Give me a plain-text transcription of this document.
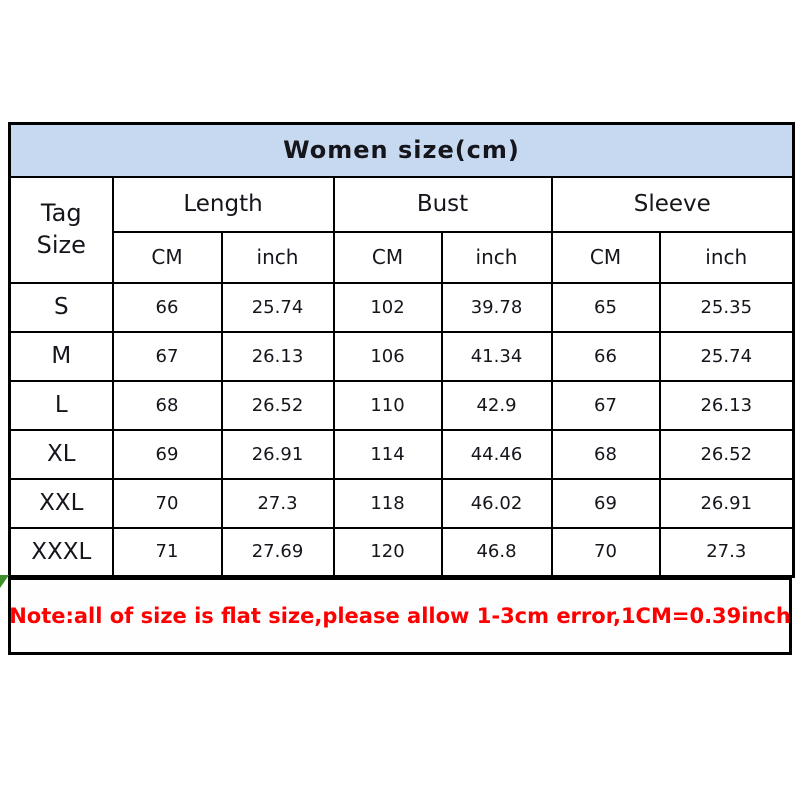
Women size(cm)						

Tag
Size	Length		Bust		Sleeve	
	CM	inch	CM	inch	CM	inch
S	66	25.74	102	39.78	65	25.35
M	67	26.13	106	41.34	66	25.74
L	68	26.52	110	42.9	67	26.13
XL	69	26.91	114	44.46	68	26.52
XXL	70	27.3	118	46.02	69	26.91
XXXL	71	27.69	120	46.8	70	27.3
Note:all of size is flat size,please allow 1-3cm error,1CM=0.39inch
